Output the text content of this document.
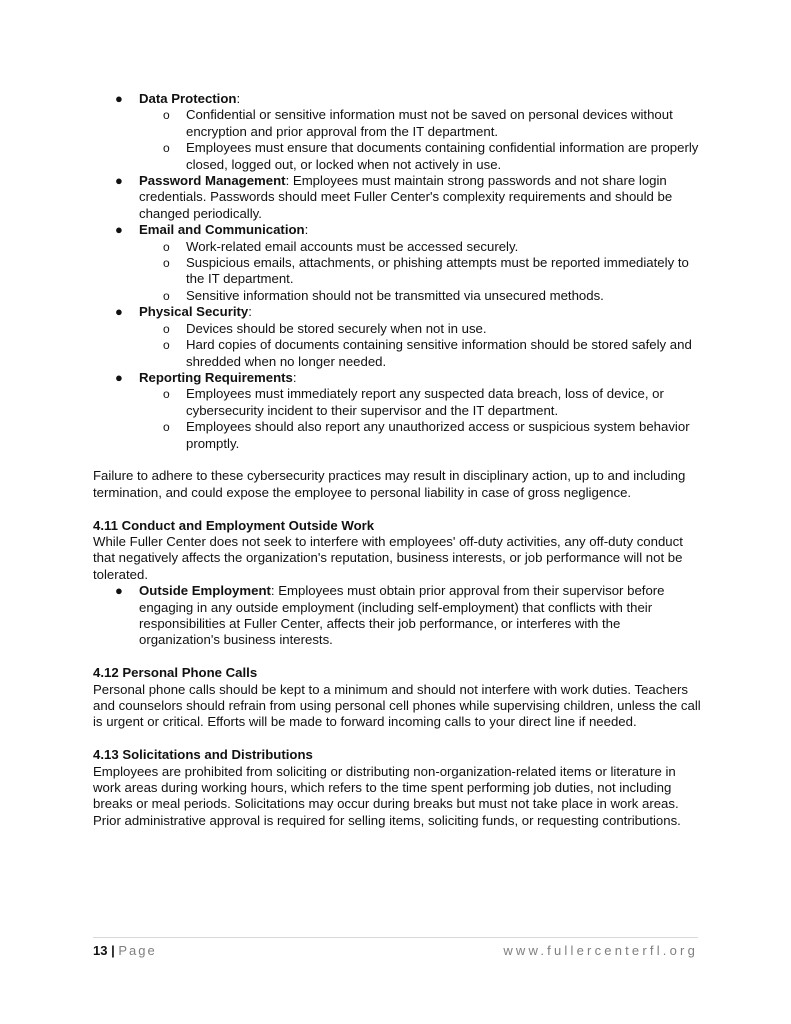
● Data Protection:
o Confidential or sensitive information must not be saved on personal devices without encryption and prior approval from the IT department.
o Employees must ensure that documents containing confidential information are properly closed, logged out, or locked when not actively in use.
● Password Management: Employees must maintain strong passwords and not share login credentials. Passwords should meet Fuller Center's complexity requirements and should be changed periodically.
● Email and Communication:
o Work-related email accounts must be accessed securely.
o Suspicious emails, attachments, or phishing attempts must be reported immediately to the IT department.
o Sensitive information should not be transmitted via unsecured methods.
● Physical Security:
o Devices should be stored securely when not in use.
o Hard copies of documents containing sensitive information should be stored safely and shredded when no longer needed.
● Reporting Requirements:
o Employees must immediately report any suspected data breach, loss of device, or cybersecurity incident to their supervisor and the IT department.
o Employees should also report any unauthorized access or suspicious system behavior promptly.
Failure to adhere to these cybersecurity practices may result in disciplinary action, up to and including termination, and could expose the employee to personal liability in case of gross negligence.
4.11 Conduct and Employment Outside Work
While Fuller Center does not seek to interfere with employees' off-duty activities, any off-duty conduct that negatively affects the organization's reputation, business interests, or job performance will not be tolerated.
● Outside Employment: Employees must obtain prior approval from their supervisor before engaging in any outside employment (including self-employment) that conflicts with their responsibilities at Fuller Center, affects their job performance, or interferes with the organization's business interests.
4.12 Personal Phone Calls
Personal phone calls should be kept to a minimum and should not interfere with work duties. Teachers and counselors should refrain from using personal cell phones while supervising children, unless the call is urgent or critical. Efforts will be made to forward incoming calls to your direct line if needed.
4.13 Solicitations and Distributions
Employees are prohibited from soliciting or distributing non-organization-related items or literature in work areas during working hours, which refers to the time spent performing job duties, not including breaks or meal periods. Solicitations may occur during breaks but must not take place in work areas. Prior administrative approval is required for selling items, soliciting funds, or requesting contributions.
13 | Page	www.fullercenterfl.org
